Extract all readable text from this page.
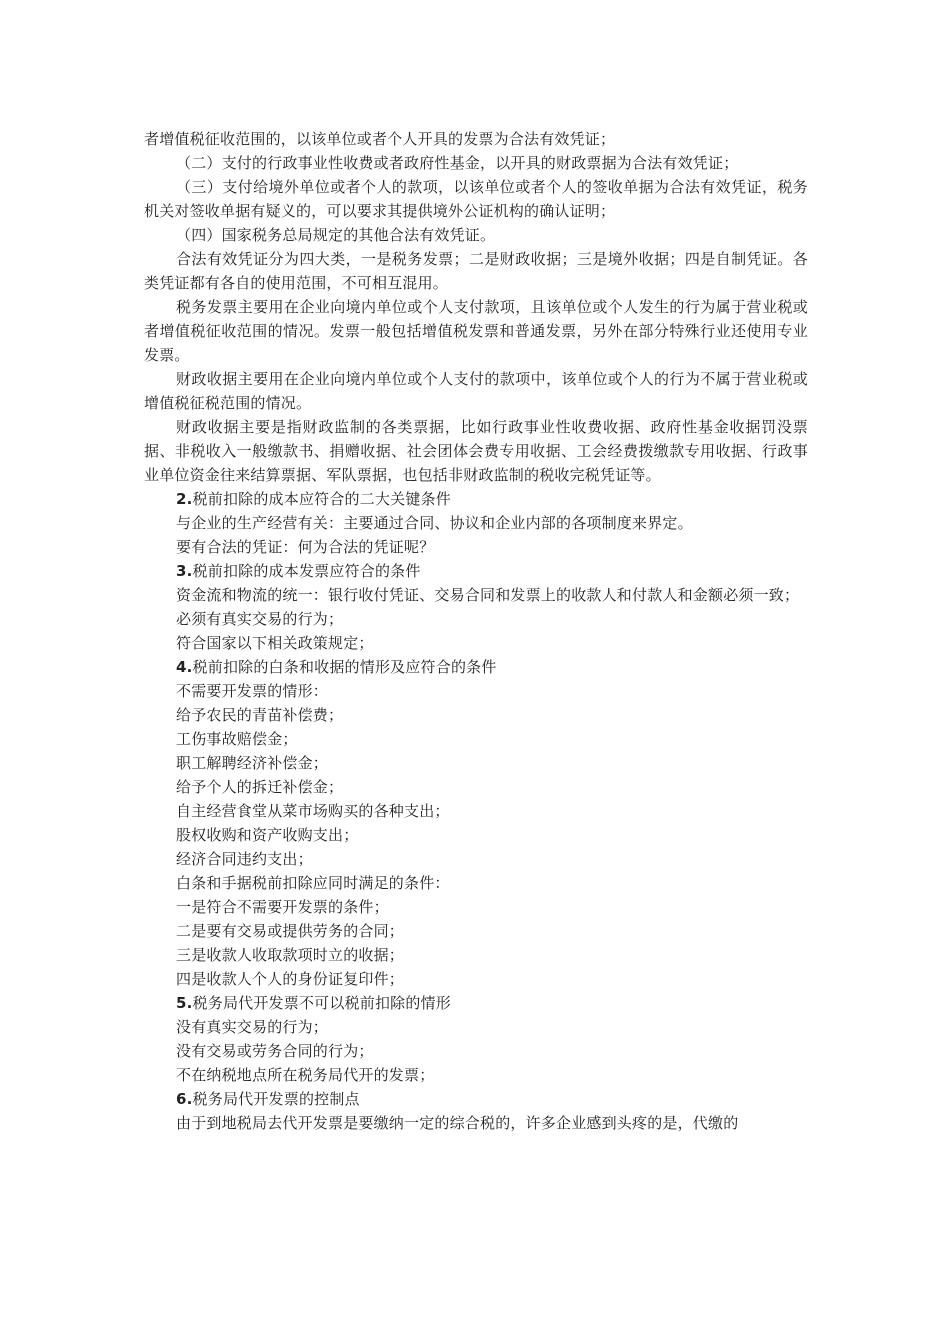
者增值税征收范围的，以该单位或者个人开具的发票为合法有效凭证；

（二）支付的行政事业性收费或者政府性基金，以开具的财政票据为合法有效凭证；

（三）支付给境外单位或者个人的款项，以该单位或者个人的签收单据为合法有效凭证，税务机关对签收单据有疑义的，可以要求其提供境外公证机构的确认证明；

（四）国家税务总局规定的其他合法有效凭证。

合法有效凭证分为四大类，一是税务发票；二是财政收据；三是境外收据；四是自制凭证。各类凭证都有各自的使用范围，不可相互混用。

税务发票主要用在企业向境内单位或个人支付款项，且该单位或个人发生的行为属于营业税或者增值税征收范围的情况。发票一般包括增值税发票和普通发票，另外在部分特殊行业还使用专业发票。

财政收据主要用在企业向境内单位或个人支付的款项中，该单位或个人的行为不属于营业税或增值税征税范围的情况。

财政收据主要是指财政监制的各类票据，比如行政事业性收费收据、政府性基金收据罚没票据、非税收入一般缴款书、捐赠收据、社会团体会费专用收据、工会经费拨缴款专用收据、行政事业单位资金往来结算票据、军队票据，也包括非财政监制的税收完税凭证等。

2.税前扣除的成本应符合的二大关键条件

与企业的生产经营有关：主要通过合同、协议和企业内部的各项制度来界定。

要有合法的凭证：何为合法的凭证呢？

3.税前扣除的成本发票应符合的条件

资金流和物流的统一：银行收付凭证、交易合同和发票上的收款人和付款人和金额必须一致；

必须有真实交易的行为；

符合国家以下相关政策规定；

4.税前扣除的白条和收据的情形及应符合的条件

不需要开发票的情形：

给予农民的青苗补偿费；

工伤事故赔偿金；

职工解聘经济补偿金；

给予个人的拆迁补偿金；

自主经营食堂从菜市场购买的各种支出；

股权收购和资产收购支出；

经济合同违约支出；

白条和手据税前扣除应同时满足的条件：

一是符合不需要开发票的条件；

二是要有交易或提供劳务的合同；

三是收款人收取款项时立的收据；

四是收款人个人的身份证复印件；

5.税务局代开发票不可以税前扣除的情形

没有真实交易的行为；

没有交易或劳务合同的行为；

不在纳税地点所在税务局代开的发票；

6.税务局代开发票的控制点

由于到地税局去代开发票是要缴纳一定的综合税的，许多企业感到头疼的是，代缴的
